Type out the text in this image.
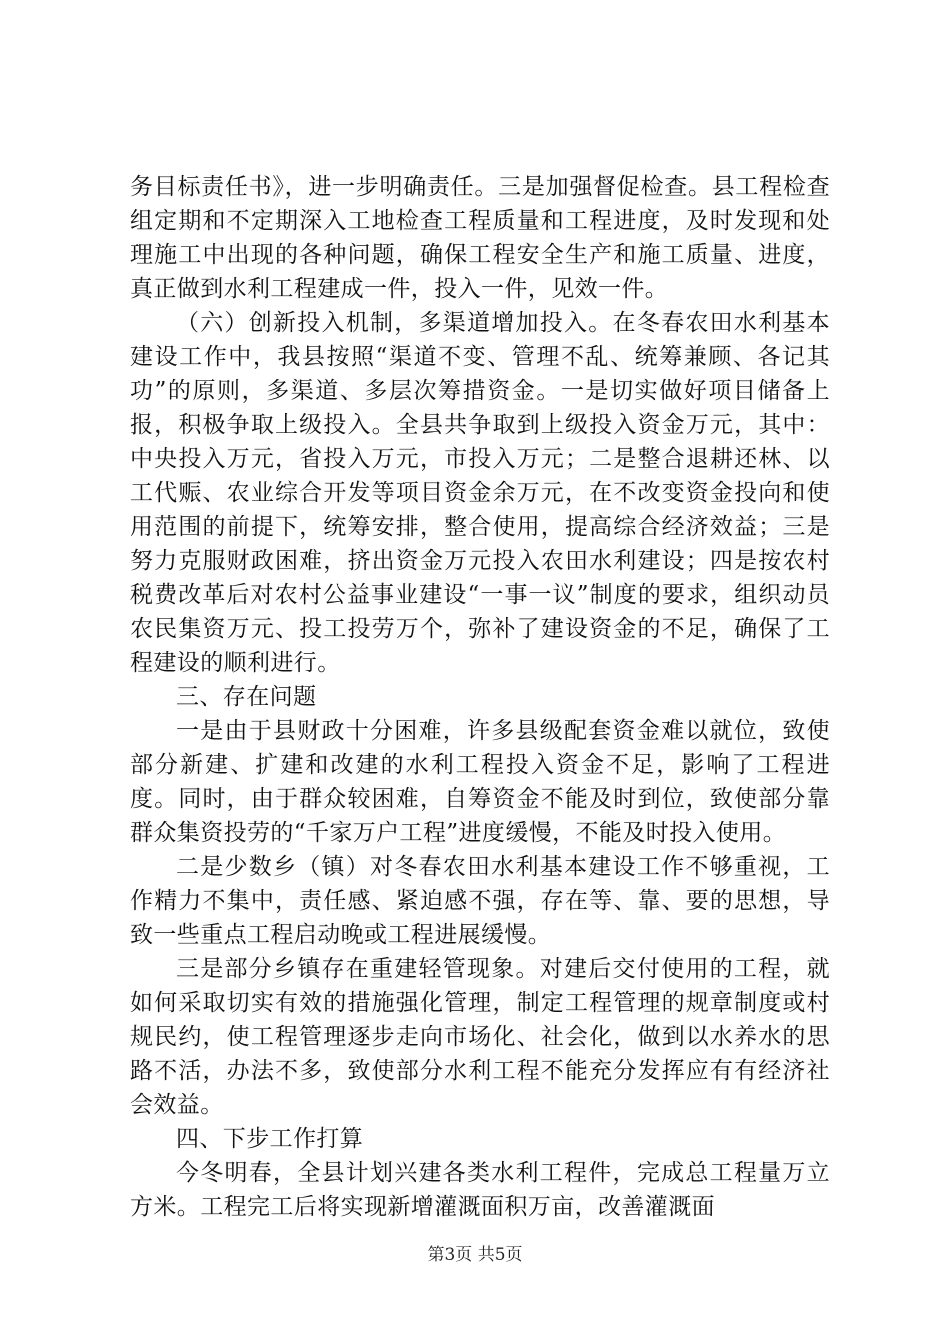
务目标责任书》，进一步明确责任。三是加强督促检查。县工程检查组定期和不定期深入工地检查工程质量和工程进度，及时发现和处理施工中出现的各种问题，确保工程安全生产和施工质量、进度，真正做到水利工程建成一件，投入一件，见效一件。

（六）创新投入机制，多渠道增加投入。在冬春农田水利基本建设工作中，我县按照“渠道不变、管理不乱、统筹兼顾、各记其功”的原则，多渠道、多层次筹措资金。一是切实做好项目储备上报，积极争取上级投入。全县共争取到上级投入资金万元，其中：中央投入万元，省投入万元，市投入万元；二是整合退耕还林、以工代赈、农业综合开发等项目资金余万元，在不改变资金投向和使用范围的前提下，统筹安排，整合使用，提高综合经济效益；三是努力克服财政困难，挤出资金万元投入农田水利建设；四是按农村税费改革后对农村公益事业建设“一事一议”制度的要求，组织动员农民集资万元、投工投劳万个，弥补了建设资金的不足，确保了工程建设的顺利进行。

三、存在问题

一是由于县财政十分困难，许多县级配套资金难以就位，致使部分新建、扩建和改建的水利工程投入资金不足，影响了工程进度。同时，由于群众较困难，自筹资金不能及时到位，致使部分靠群众集资投劳的“千家万户工程”进度缓慢，不能及时投入使用。

二是少数乡（镇）对冬春农田水利基本建设工作不够重视，工作精力不集中，责任感、紧迫感不强，存在等、靠、要的思想，导致一些重点工程启动晚或工程进展缓慢。

三是部分乡镇存在重建轻管现象。对建后交付使用的工程，就如何采取切实有效的措施强化管理，制定工程管理的规章制度或村规民约，使工程管理逐步走向市场化、社会化，做到以水养水的思路不活，办法不多，致使部分水利工程不能充分发挥应有有经济社会效益。

四、下步工作打算

今冬明春，全县计划兴建各类水利工程件，完成总工程量万立方米。工程完工后将实现新增灌溉面积万亩，改善灌溉面

第3页 共5页
